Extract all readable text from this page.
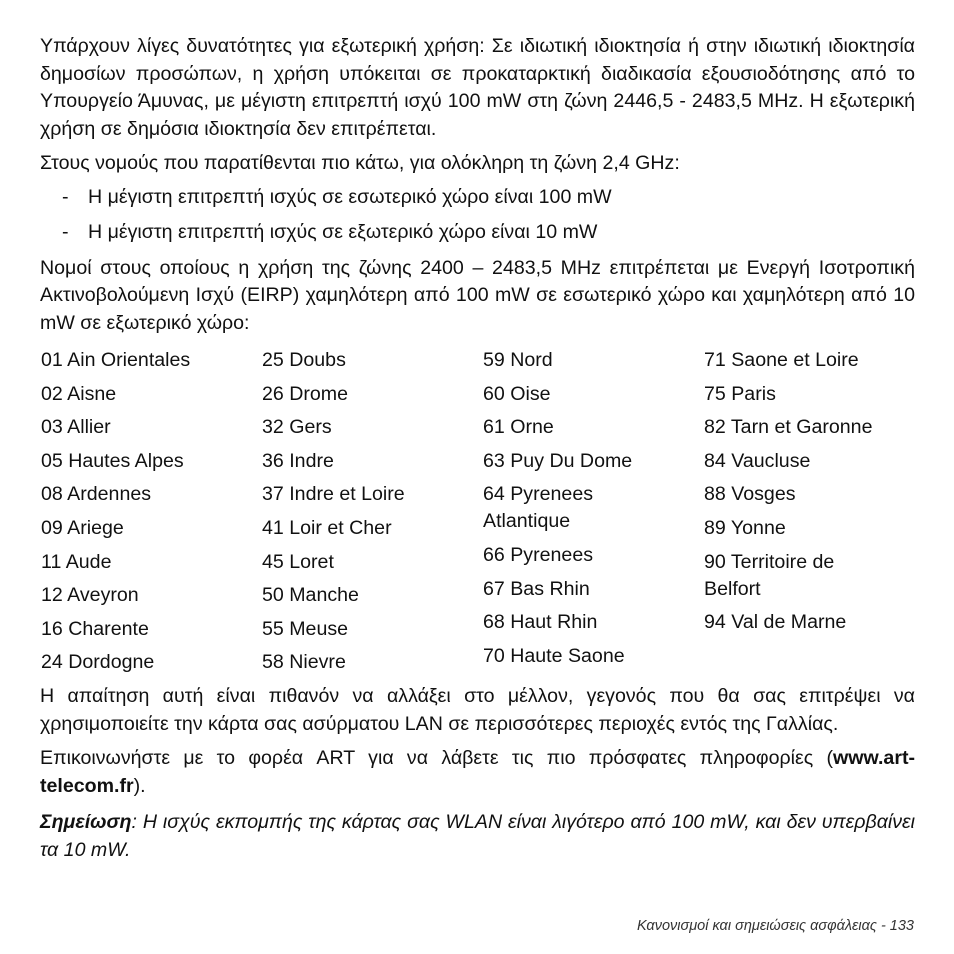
Υπάρχουν λίγες δυνατότητες για εξωτερική χρήση: Σε ιδιωτική ιδιοκτησία ή στην ιδιωτική ιδιοκτησία δημοσίων προσώπων, η χρήση υπόκειται σε προκαταρκτική διαδικασία εξουσιοδότησης από το Υπουργείο Άμυνας, με μέγιστη επιτρεπτή ισχύ 100 mW στη ζώνη 2446,5 - 2483,5 MHz. Η εξωτερική χρήση σε δημόσια ιδιοκτησία δεν επιτρέπεται.

Στους νομούς που παρατίθενται πιο κάτω, για ολόκληρη τη ζώνη 2,4 GHz:

- Η μέγιστη επιτρεπτή ισχύς σε εσωτερικό χώρο είναι 100 mW
- Η μέγιστη επιτρεπτή ισχύς σε εξωτερικό χώρο είναι 10 mW

Νομοί στους οποίους η χρήση της ζώνης 2400 – 2483,5 MHz επιτρέπεται με Ενεργή Ισοτροπική Ακτινοβολούμενη Ισχύ (EIRP) χαμηλότερη από 100 mW σε εσωτερικό χώρο και χαμηλότερη από 10 mW σε εξωτερικό χώρο:

01 Ain Orientales
02 Aisne
03 Allier
05 Hautes Alpes
08 Ardennes
09 Ariege
11 Aude
12 Aveyron
16 Charente
24 Dordogne
25 Doubs
26 Drome
32 Gers
36 Indre
37 Indre et Loire
41 Loir et Cher
45 Loret
50 Manche
55 Meuse
58 Nievre
59 Nord
60 Oise
61 Orne
63 Puy Du Dome
64 Pyrenees Atlantique
66 Pyrenees
67 Bas Rhin
68 Haut Rhin
70 Haute Saone
71 Saone et Loire
75 Paris
82 Tarn et Garonne
84 Vaucluse
88 Vosges
89 Yonne
90 Territoire de Belfort
94 Val de Marne

Η απαίτηση αυτή είναι πιθανόν να αλλάξει στο μέλλον, γεγονός που θα σας επιτρέψει να χρησιμοποιείτε την κάρτα σας ασύρματου LAN σε περισσότερες περιοχές εντός της Γαλλίας.

Επικοινωνήστε με το φορέα ART για να λάβετε τις πιο πρόσφατες πληροφορίες (www.art-telecom.fr).

Σημείωση: Η ισχύς εκπομπής της κάρτας σας WLAN είναι λιγότερο από 100 mW, και δεν υπερβαίνει τα 10 mW.

Κανονισμοί και σημειώσεις ασφάλειας - 133
